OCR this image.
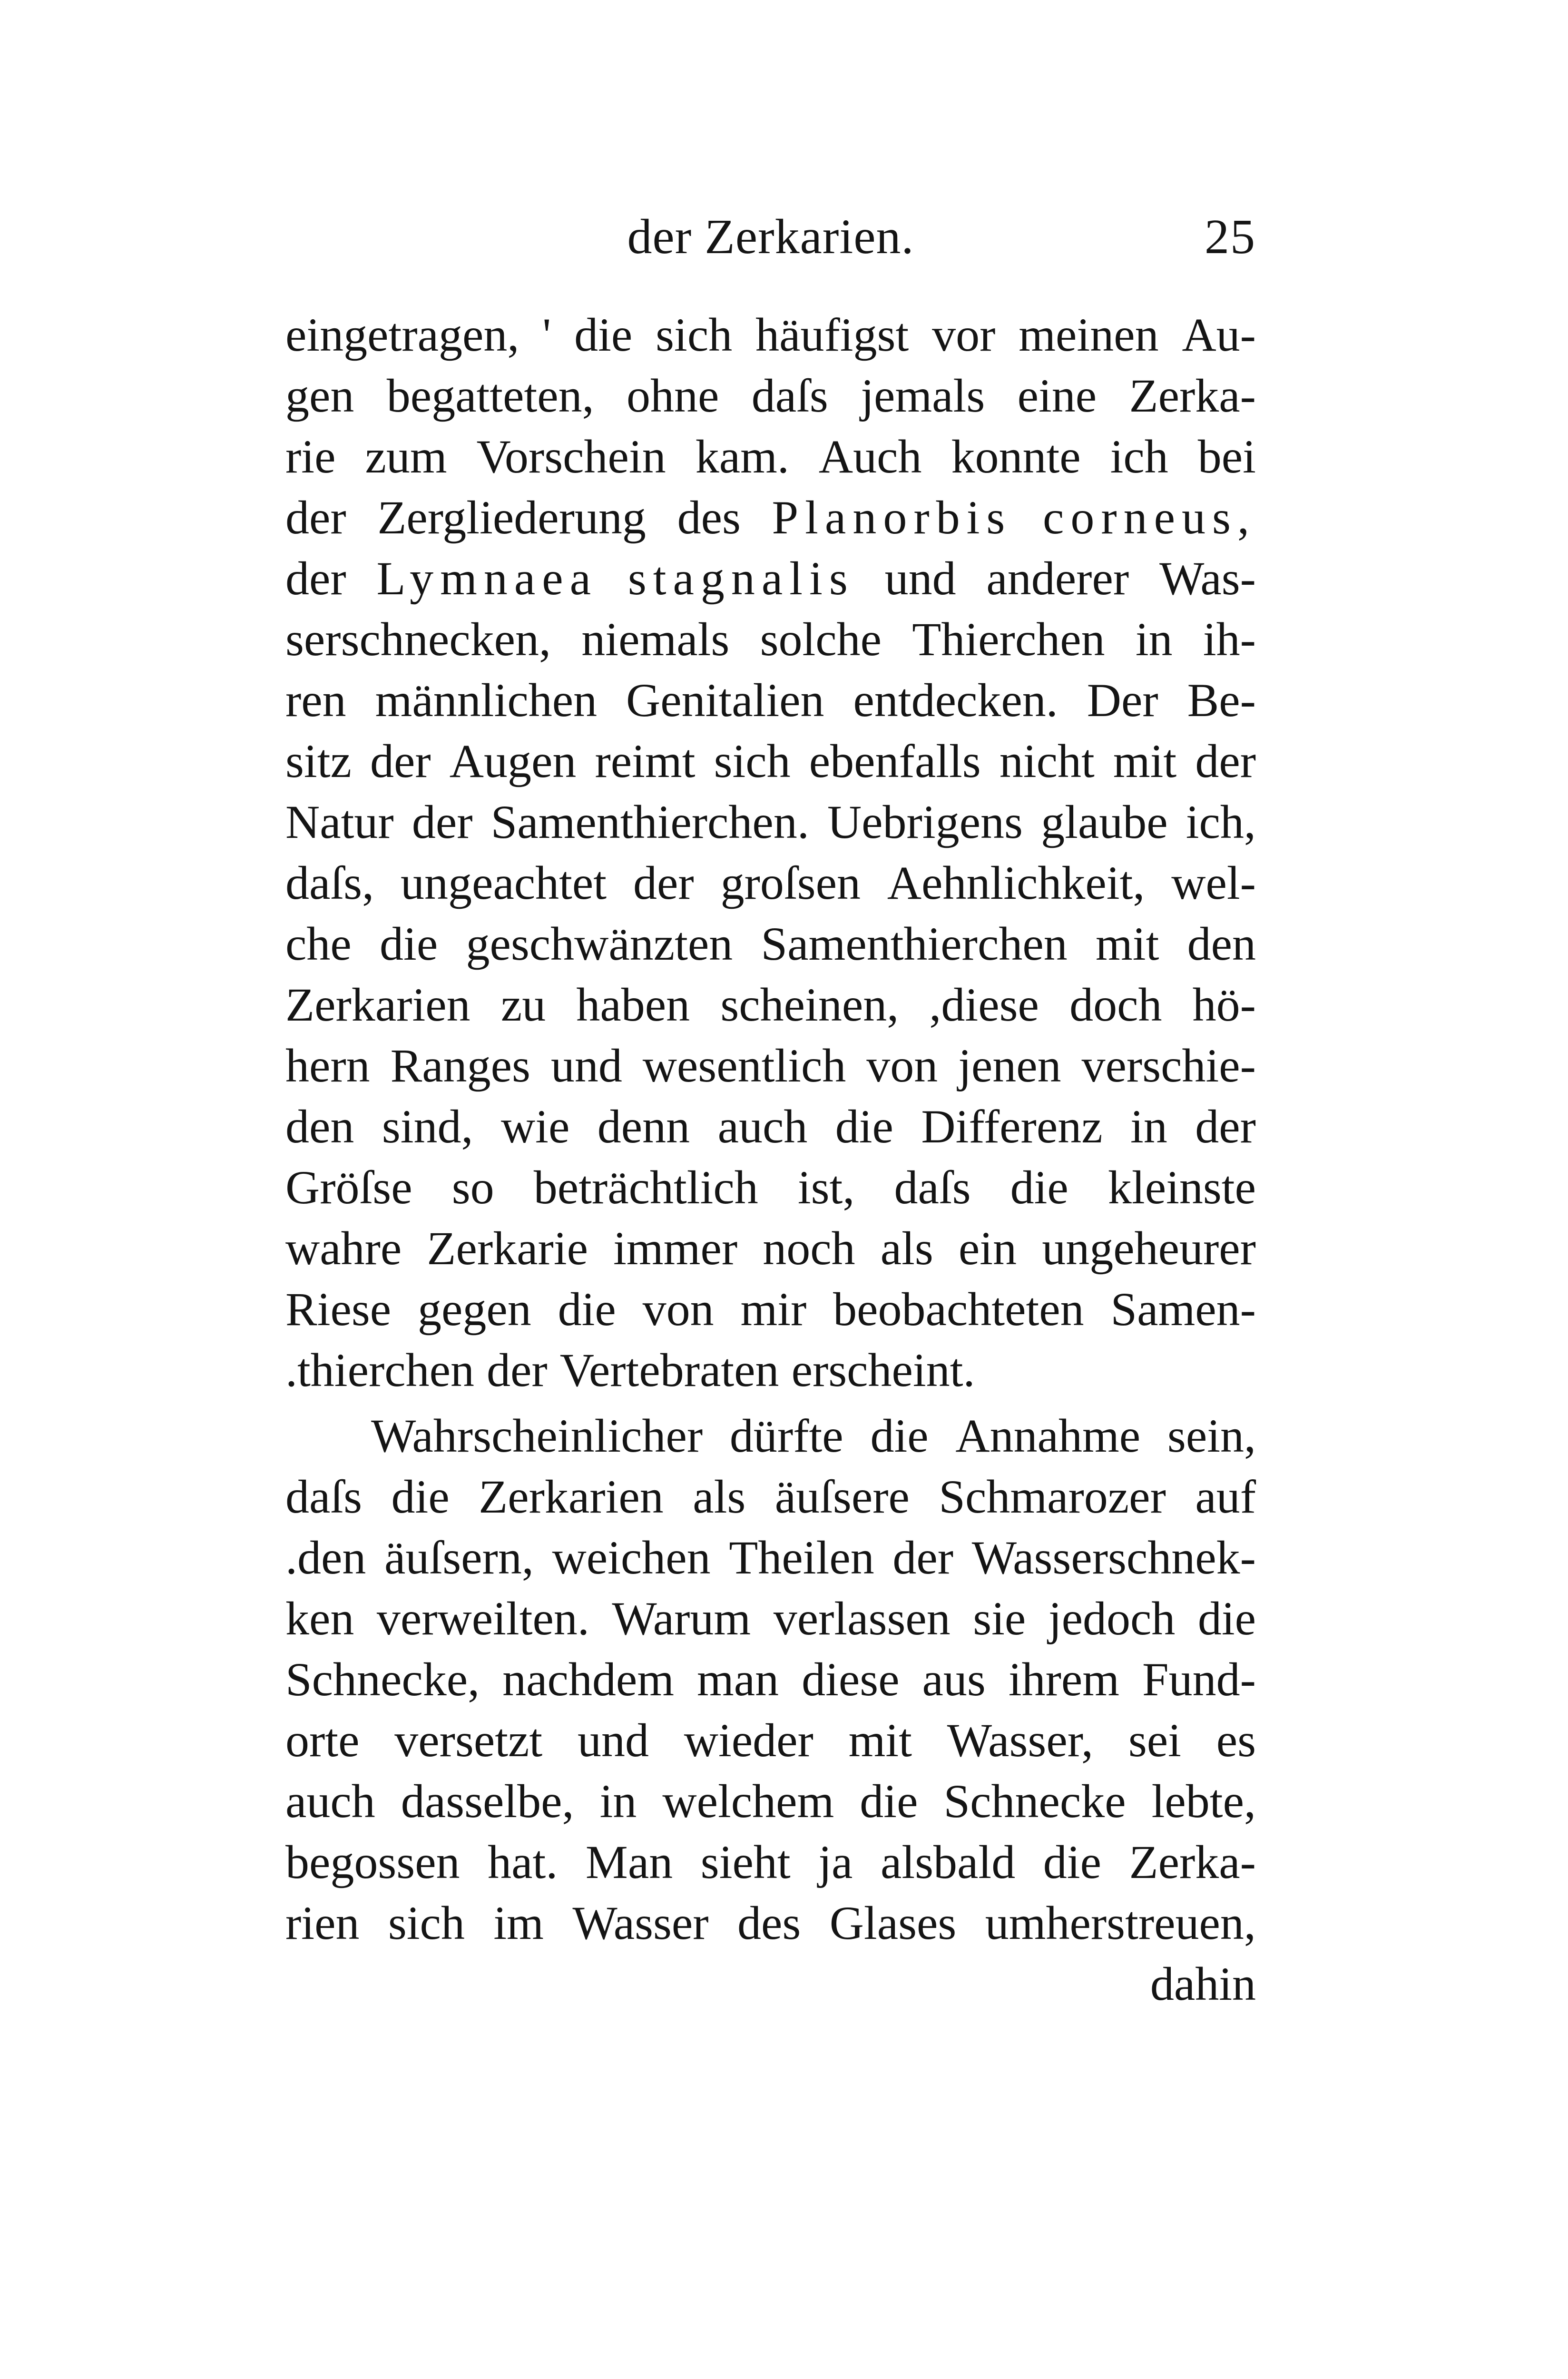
der Zerkarien.	25
eingetragen, ' die sich häufigst vor meinen Au-
gen begatteten, ohne daſs jemals eine Zerka-
rie zum Vorschein kam. Auch konnte ich bei
der Zergliederung des Planorbis corneus,
der Lymnaea stagnalis und anderer Was-
serschnecken, niemals solche Thierchen in ih-
ren männlichen Genitalien entdecken. Der Be-
sitz der Augen reimt sich ebenfalls nicht mit der
Natur der Samenthierchen. Uebrigens glaube ich,
daſs, ungeachtet der groſsen Aehnlichkeit, wel-
che die geschwänzten Samenthierchen mit den
Zerkarien zu haben scheinen, ,diese doch hö-
hern Ranges und wesentlich von jenen verschie-
den sind, wie denn auch die Differenz in der
Gröſse so beträchtlich ist, daſs die kleinste
wahre Zerkarie immer noch als ein ungeheurer
Riese gegen die von mir beobachteten Samen-
.thierchen der Vertebraten erscheint.
Wahrscheinlicher dürfte die Annahme sein,
daſs die Zerkarien als äuſsere Schmarozer auf
.den äuſsern, weichen Theilen der Wasserschnek-
ken verweilten. Warum verlassen sie jedoch die
Schnecke, nachdem man diese aus ihrem Fund-
orte versetzt und wieder mit Wasser, sei es
auch dasselbe, in welchem die Schnecke lebte,
begossen hat. Man sieht ja alsbald die Zerka-
rien sich im Wasser des Glases umherstreuen,
dahin
